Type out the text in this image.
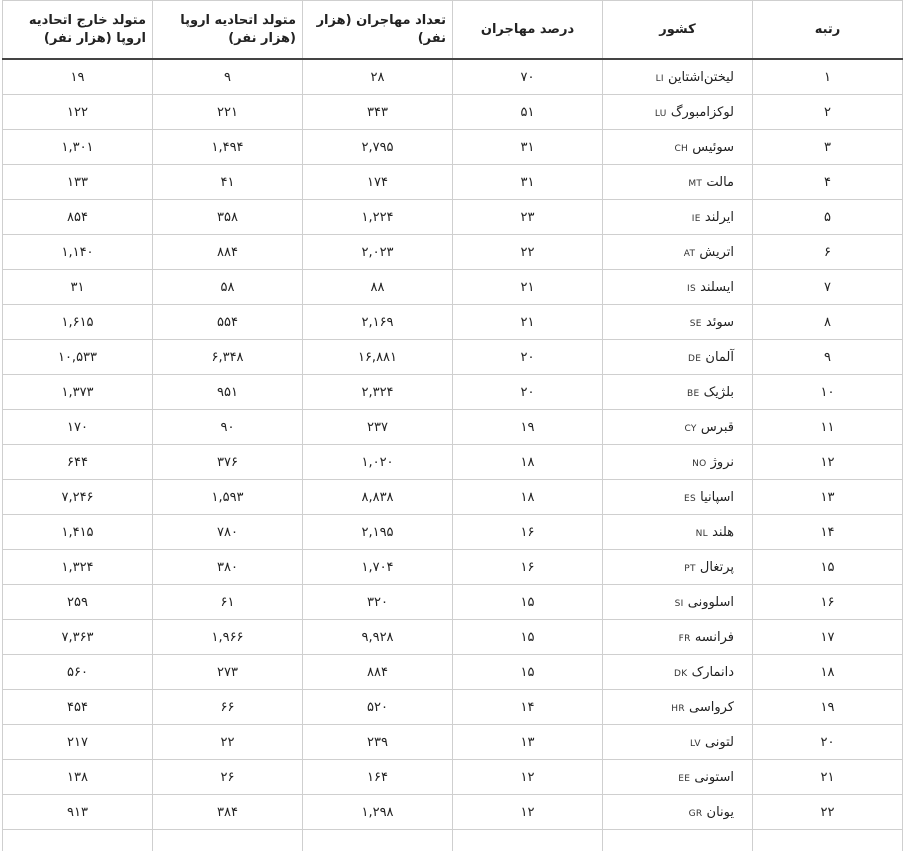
رتبه	کشور	درصد مهاجران	تعداد مهاجران (هزار نفر)	متولد اتحادیه اروپا (هزار نفر)	متولد خارج اتحادیه اروپا (هزار نفر)
۱	لیختن‌اشتاین LI	۷۰	۲۸	۹	۱۹
۲	لوکزامبورگ LU	۵۱	۳۴۳	۲۲۱	۱۲۲
۳	سوئیس CH	۳۱	۲,۷۹۵	۱,۴۹۴	۱,۳۰۱
۴	مالت MT	۳۱	۱۷۴	۴۱	۱۳۳
۵	ایرلند IE	۲۳	۱,۲۲۴	۳۵۸	۸۵۴
۶	اتریش AT	۲۲	۲,۰۲۳	۸۸۴	۱,۱۴۰
۷	ایسلند IS	۲۱	۸۸	۵۸	۳۱
۸	سوئد SE	۲۱	۲,۱۶۹	۵۵۴	۱,۶۱۵
۹	آلمان DE	۲۰	۱۶,۸۸۱	۶,۳۴۸	۱۰,۵۳۳
۱۰	بلژیک BE	۲۰	۲,۳۲۴	۹۵۱	۱,۳۷۳
۱۱	قبرس CY	۱۹	۲۳۷	۹۰	۱۷۰
۱۲	نروژ NO	۱۸	۱,۰۲۰	۳۷۶	۶۴۴
۱۳	اسپانیا ES	۱۸	۸,۸۳۸	۱,۵۹۳	۷,۲۴۶
۱۴	هلند NL	۱۶	۲,۱۹۵	۷۸۰	۱,۴۱۵
۱۵	پرتغال PT	۱۶	۱,۷۰۴	۳۸۰	۱,۳۲۴
۱۶	اسلوونی SI	۱۵	۳۲۰	۶۱	۲۵۹
۱۷	فرانسه FR	۱۵	۹,۹۲۸	۱,۹۶۶	۷,۳۶۳
۱۸	دانمارک DK	۱۵	۸۸۴	۲۷۳	۵۶۰
۱۹	کرواسی HR	۱۴	۵۲۰	۶۶	۴۵۴
۲۰	لتونی LV	۱۳	۲۳۹	۲۲	۲۱۷
۲۱	استونی EE	۱۲	۱۶۴	۲۶	۱۳۸
۲۲	یونان GR	۱۲	۱,۲۹۸	۳۸۴	۹۱۳
